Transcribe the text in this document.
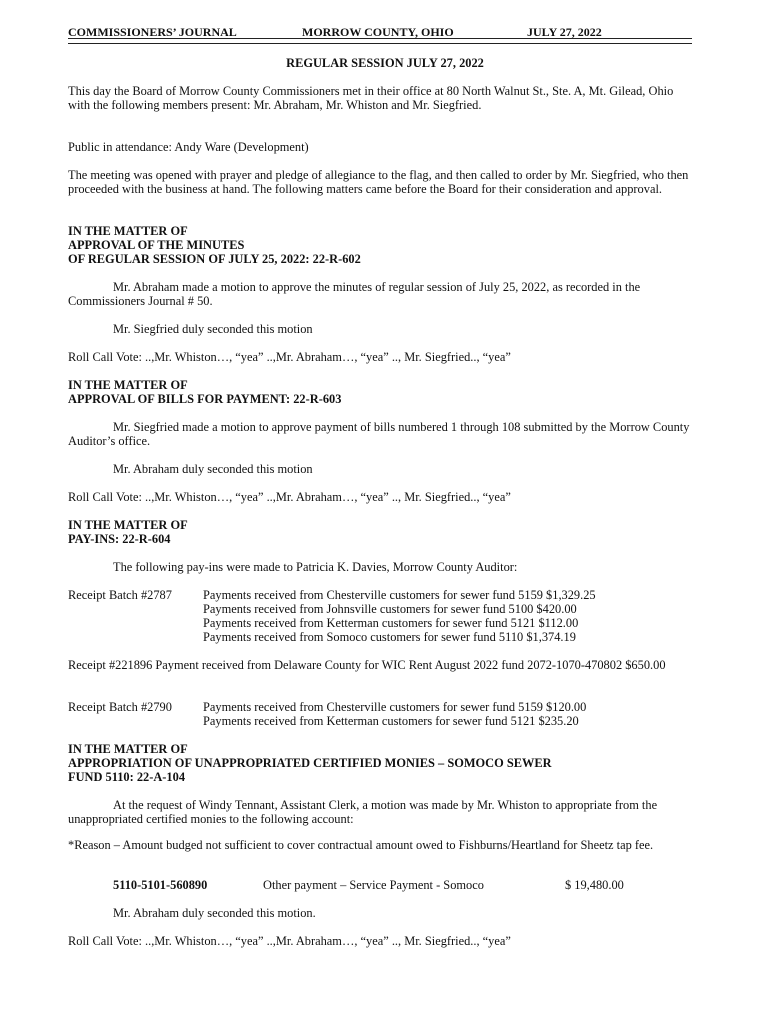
COMMISSIONERS’ JOURNAL	MORROW COUNTY, OHIO	JULY 27, 2022
REGULAR SESSION JULY 27, 2022
This day the Board of Morrow County Commissioners met in their office at 80 North Walnut St., Ste. A, Mt. Gilead, Ohio with the following members present: Mr. Abraham, Mr. Whiston and Mr. Siegfried.
Public in attendance: Andy Ware (Development)
The meeting was opened with prayer and pledge of allegiance to the flag, and then called to order by Mr. Siegfried, who then proceeded with the business at hand. The following matters came before the Board for their consideration and approval.
IN THE MATTER OF
APPROVAL OF THE MINUTES
OF REGULAR SESSION OF JULY 25, 2022: 22-R-602
Mr. Abraham made a motion to approve the minutes of regular session of July 25, 2022, as recorded in the Commissioners Journal # 50.
Mr. Siegfried duly seconded this motion
Roll Call Vote: ..,Mr. Whiston…, “yea” ..,Mr. Abraham…, “yea” .., Mr. Siegfried.., “yea”
IN THE MATTER OF
APPROVAL OF BILLS FOR PAYMENT: 22-R-603
Mr. Siegfried made a motion to approve payment of bills numbered 1 through 108 submitted by the Morrow County Auditor’s office.
Mr. Abraham duly seconded this motion
Roll Call Vote: ..,Mr. Whiston…, “yea” ..,Mr. Abraham…, “yea” .., Mr. Siegfried.., “yea”
IN THE MATTER OF
PAY-INS: 22-R-604
The following pay-ins were made to Patricia K. Davies, Morrow County Auditor:
Receipt Batch #2787	Payments received from Chesterville customers for sewer fund 5159 $1,329.25
Payments received from Johnsville customers for sewer fund 5100 $420.00
Payments received from Ketterman customers for sewer fund 5121 $112.00
Payments received from Somoco customers for sewer fund 5110 $1,374.19
Receipt #221896 Payment received from Delaware County for WIC Rent August 2022 fund 2072-1070-470802 $650.00
Receipt Batch #2790	Payments received from Chesterville customers for sewer fund 5159 $120.00
Payments received from Ketterman customers for sewer fund 5121 $235.20
IN THE MATTER OF
APPROPRIATION OF UNAPPROPRIATED CERTIFIED MONIES – SOMOCO SEWER
FUND 5110: 22-A-104
At the request of Windy Tennant, Assistant Clerk, a motion was made by Mr. Whiston to appropriate from the unappropriated certified monies to the following account:
*Reason – Amount budged not sufficient to cover contractual amount owed to Fishburns/Heartland for Sheetz tap fee.
5110-5101-560890	Other payment – Service Payment - Somoco	$ 19,480.00
Mr. Abraham duly seconded this motion.
Roll Call Vote: ..,Mr. Whiston…, “yea” ..,Mr. Abraham…, “yea” .., Mr. Siegfried.., “yea”
